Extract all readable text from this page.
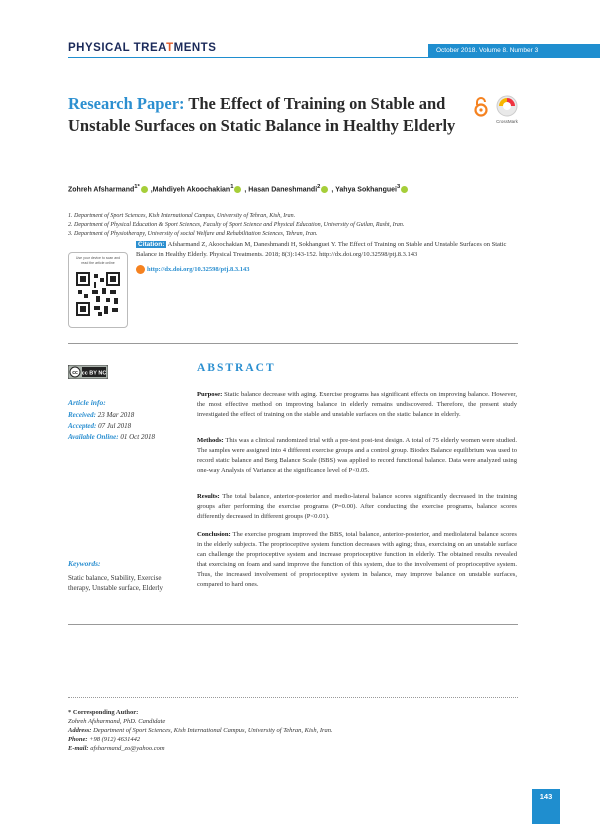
PHYSICAL TREATMENTS	October 2018. Volume 8. Number 3
Research Paper: The Effect of Training on Stable and Unstable Surfaces on Static Balance in Healthy Elderly	CrossMark
Zohreh Afsharmand$^{1*}$ ,Mahdiyeh Akoochakian$^1$ , Hasan Daneshmandi$^2$ , Yahya Sokhanguei$^3$
1. Department of Sport Sciences, Kish International Campus, University of Tehran, Kish, Iran.
2. Department of Physical Education & Sport Sciences, Faculty of Sport Science and Physical Education, University of Guilan, Rasht, Iran.
3. Department of Physiotherapy, University of social Welfare and Rehabilitation Sciences, Tehran, Iran.
Use your device to scan and read the article online
Citation: Afsharmand Z, Akoochakian M, Daneshmandi H, Sokhanguei Y. The Effect of Training on Stable and Unstable Surfaces on Static Balance in Healthy Elderly. Physical Treatments. 2018; 8(3):143-152. http://dx.doi.org/10.32598/ptj.8.3.143
http://dx.doi.org/10.32598/ptj.8.3.143
cc cc BY NC
Article info:
Received: 23 Mar 2018
Accepted: 07 Jul 2018
Available Online: 01 Oct 2018
Keywords:
Static balance, Stability, Exercise therapy, Unstable surface, Elderly
ABSTRACT
Purpose: Static balance decrease with aging. Exercise programs has significant effects on improving balance. However, the most effective method on improving balance in elderly remains undiscovered. Therefore, the present study investigated the effect of training on the stable and unstable surfaces on the static balance in elderly.
Methods: This was a clinical randomized trial with a pre-test post-test design. A total of 75 elderly women were studied. The samples were assigned into 4 different exercise groups and a control group. Biodex Balance equilibrium was used to record static balance and Berg Balance Scale (BBS) was applied to record functional balance. Data were analyzed using one-way Analysis of Variance at the significance level of P<0.05.
Results: The total balance, anterior-posterior and medio-lateral balance scores significantly decreased in the training groups after performing the exercise programs (P=0.00). After conducting the exercise programs, balance scores differently decreased in different groups (P<0.01).
Conclusion: The exercise program improved the BBS, total balance, anterior-posterior, and mediolateral balance scores in the elderly subjects. The proprioceptive system function decreases with aging; thus, exercising on an unstable surface can challenge the proprioceptive system and increase proprioceptive function in elderly. The obtained results revealed that exercising on foam and sand improve the function of this system, due to the involvement of proprioceptive system. Thus, the increased involvement of proprioceptive system in balance, may improve balance on unstable surfaces, compared to hard ones.
* Corresponding Author:
Zohreh Afsharmand, PhD. Candidate
Address: Department of Sport Sciences, Kish International Campus, University of Tehran, Kish, Iran.
Phone: +98 (912) 4631442
E-mail: afsharmand_zo@yahoo.com
143
